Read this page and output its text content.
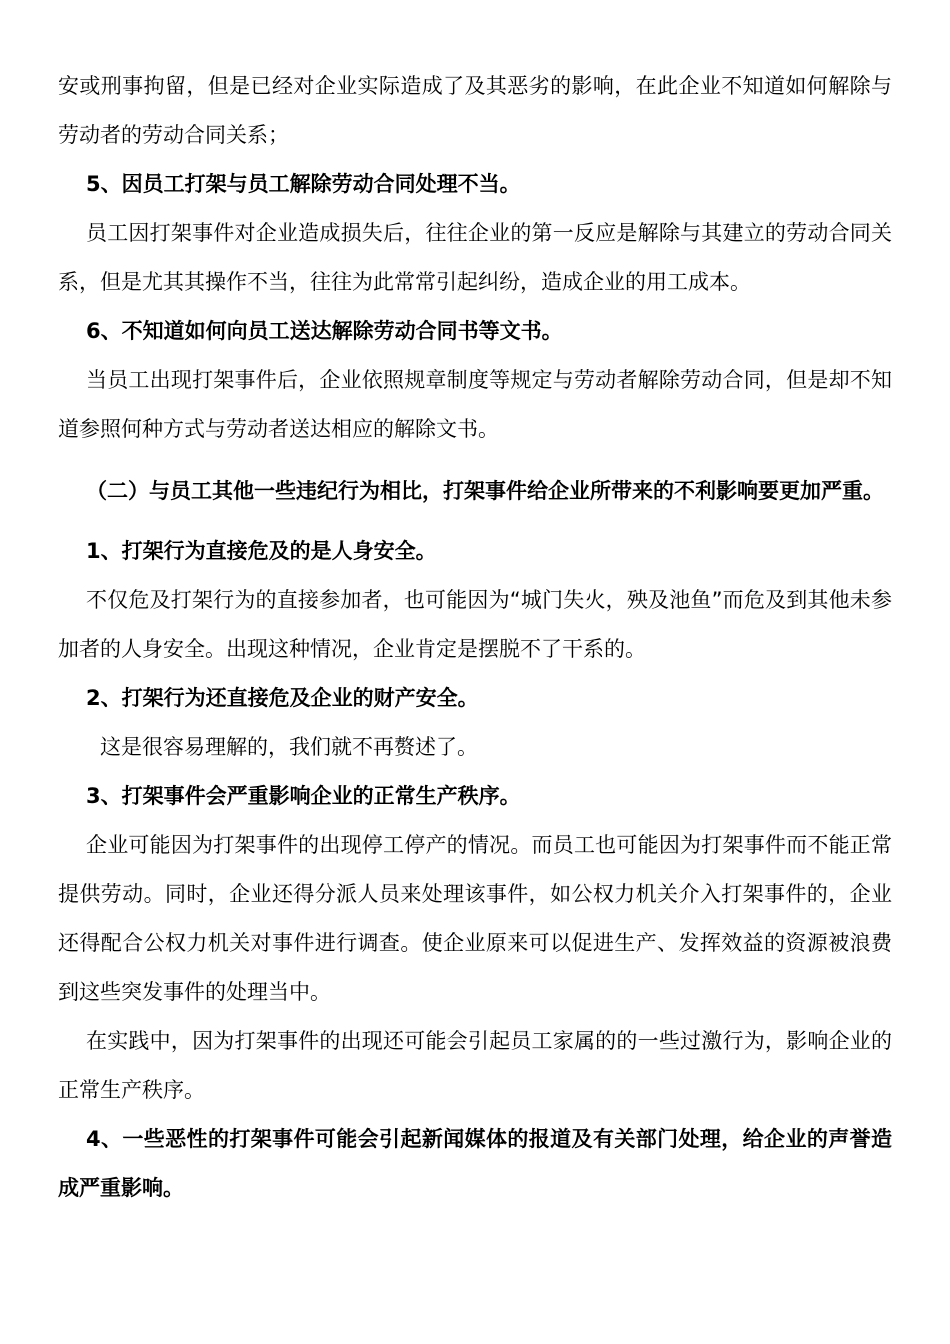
安或刑事拘留，但是已经对企业实际造成了及其恶劣的影响，在此企业不知道如何解除与劳动者的劳动合同关系；

5、因员工打架与员工解除劳动合同处理不当。

员工因打架事件对企业造成损失后，往往企业的第一反应是解除与其建立的劳动合同关系，但是尤其其操作不当，往往为此常常引起纠纷，造成企业的用工成本。

6、不知道如何向员工送达解除劳动合同书等文书。

当员工出现打架事件后，企业依照规章制度等规定与劳动者解除劳动合同，但是却不知道参照何种方式与劳动者送达相应的解除文书。

（二）与员工其他一些违纪行为相比，打架事件给企业所带来的不利影响要更加严重。

1、打架行为直接危及的是人身安全。

不仅危及打架行为的直接参加者，也可能因为“城门失火，殃及池鱼”而危及到其他未参加者的人身安全。出现这种情况，企业肯定是摆脱不了干系的。

2、打架行为还直接危及企业的财产安全。

这是很容易理解的，我们就不再赘述了。

3、打架事件会严重影响企业的正常生产秩序。

企业可能因为打架事件的出现停工停产的情况。而员工也可能因为打架事件而不能正常提供劳动。同时，企业还得分派人员来处理该事件，如公权力机关介入打架事件的，企业还得配合公权力机关对事件进行调查。使企业原来可以促进生产、发挥效益的资源被浪费到这些突发事件的处理当中。

在实践中，因为打架事件的出现还可能会引起员工家属的的一些过激行为，影响企业的正常生产秩序。

4、一些恶性的打架事件可能会引起新闻媒体的报道及有关部门处理，给企业的声誉造成严重影响。
